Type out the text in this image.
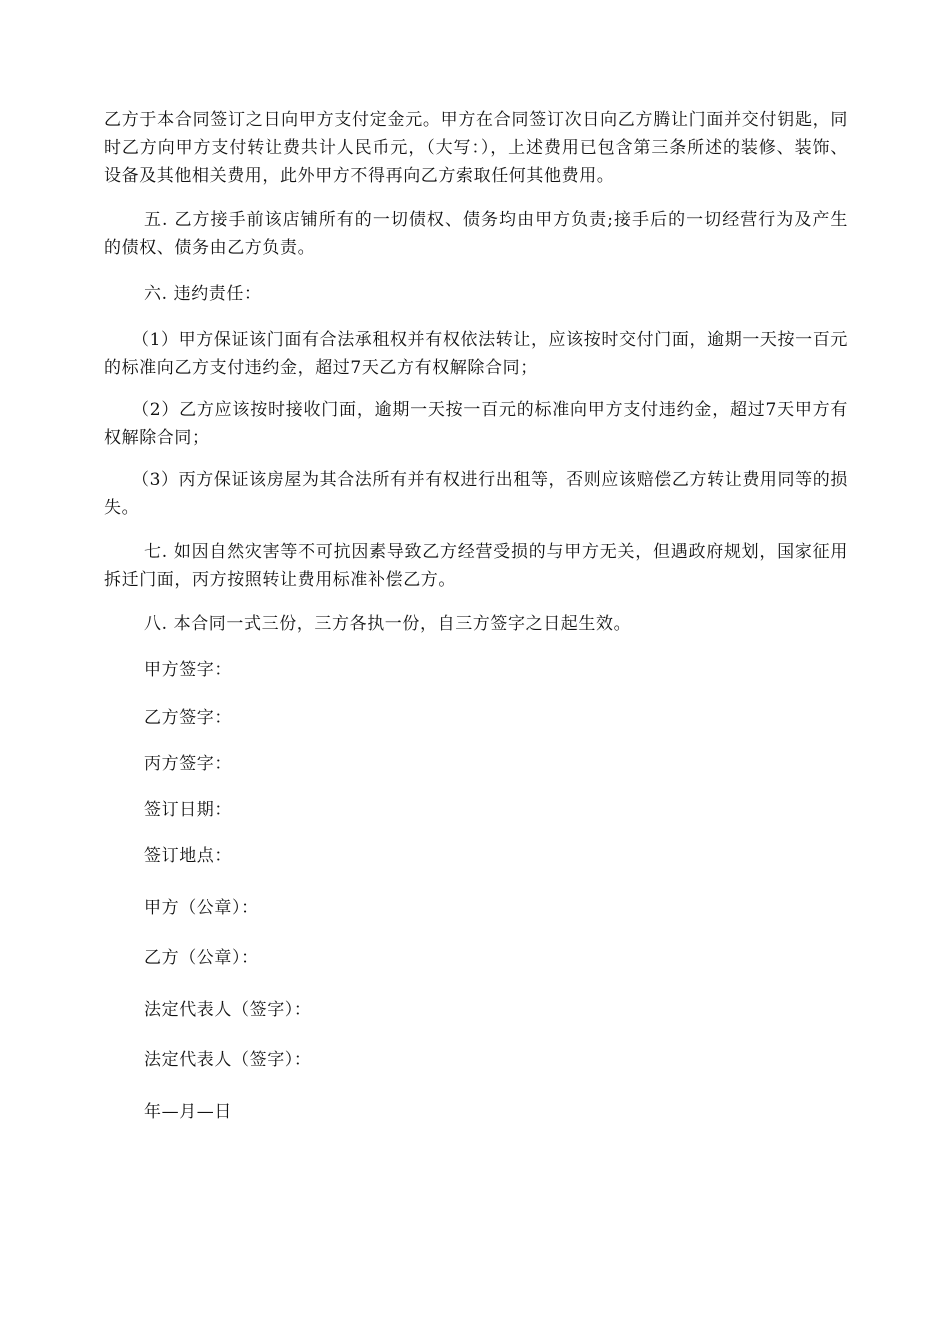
乙方于本合同签订之日向甲方支付定金元。甲方在合同签订次日向乙方腾让门面并交付钥匙，同时乙方向甲方支付转让费共计人民币元，（大写：），上述费用已包含第三条所述的装修、装饰、设备及其他相关费用，此外甲方不得再向乙方索取任何其他费用。

五. 乙方接手前该店铺所有的一切债权、债务均由甲方负责;接手后的一切经营行为及产生的债权、债务由乙方负责。

六. 违约责任：

（1）甲方保证该门面有合法承租权并有权依法转让，应该按时交付门面，逾期一天按一百元的标准向乙方支付违约金，超过7天乙方有权解除合同；

（2）乙方应该按时接收门面，逾期一天按一百元的标准向甲方支付违约金，超过7天甲方有权解除合同；

（3）丙方保证该房屋为其合法所有并有权进行出租等，否则应该赔偿乙方转让费用同等的损失。

七. 如因自然灾害等不可抗因素导致乙方经营受损的与甲方无关，但遇政府规划，国家征用拆迁门面，丙方按照转让费用标准补偿乙方。

八. 本合同一式三份，三方各执一份，自三方签字之日起生效。

甲方签字：

乙方签字：

丙方签字：

签订日期：

签订地点：

甲方（公章）：

乙方（公章）：

法定代表人（签字）：

法定代表人（签字）：

年—月—日
